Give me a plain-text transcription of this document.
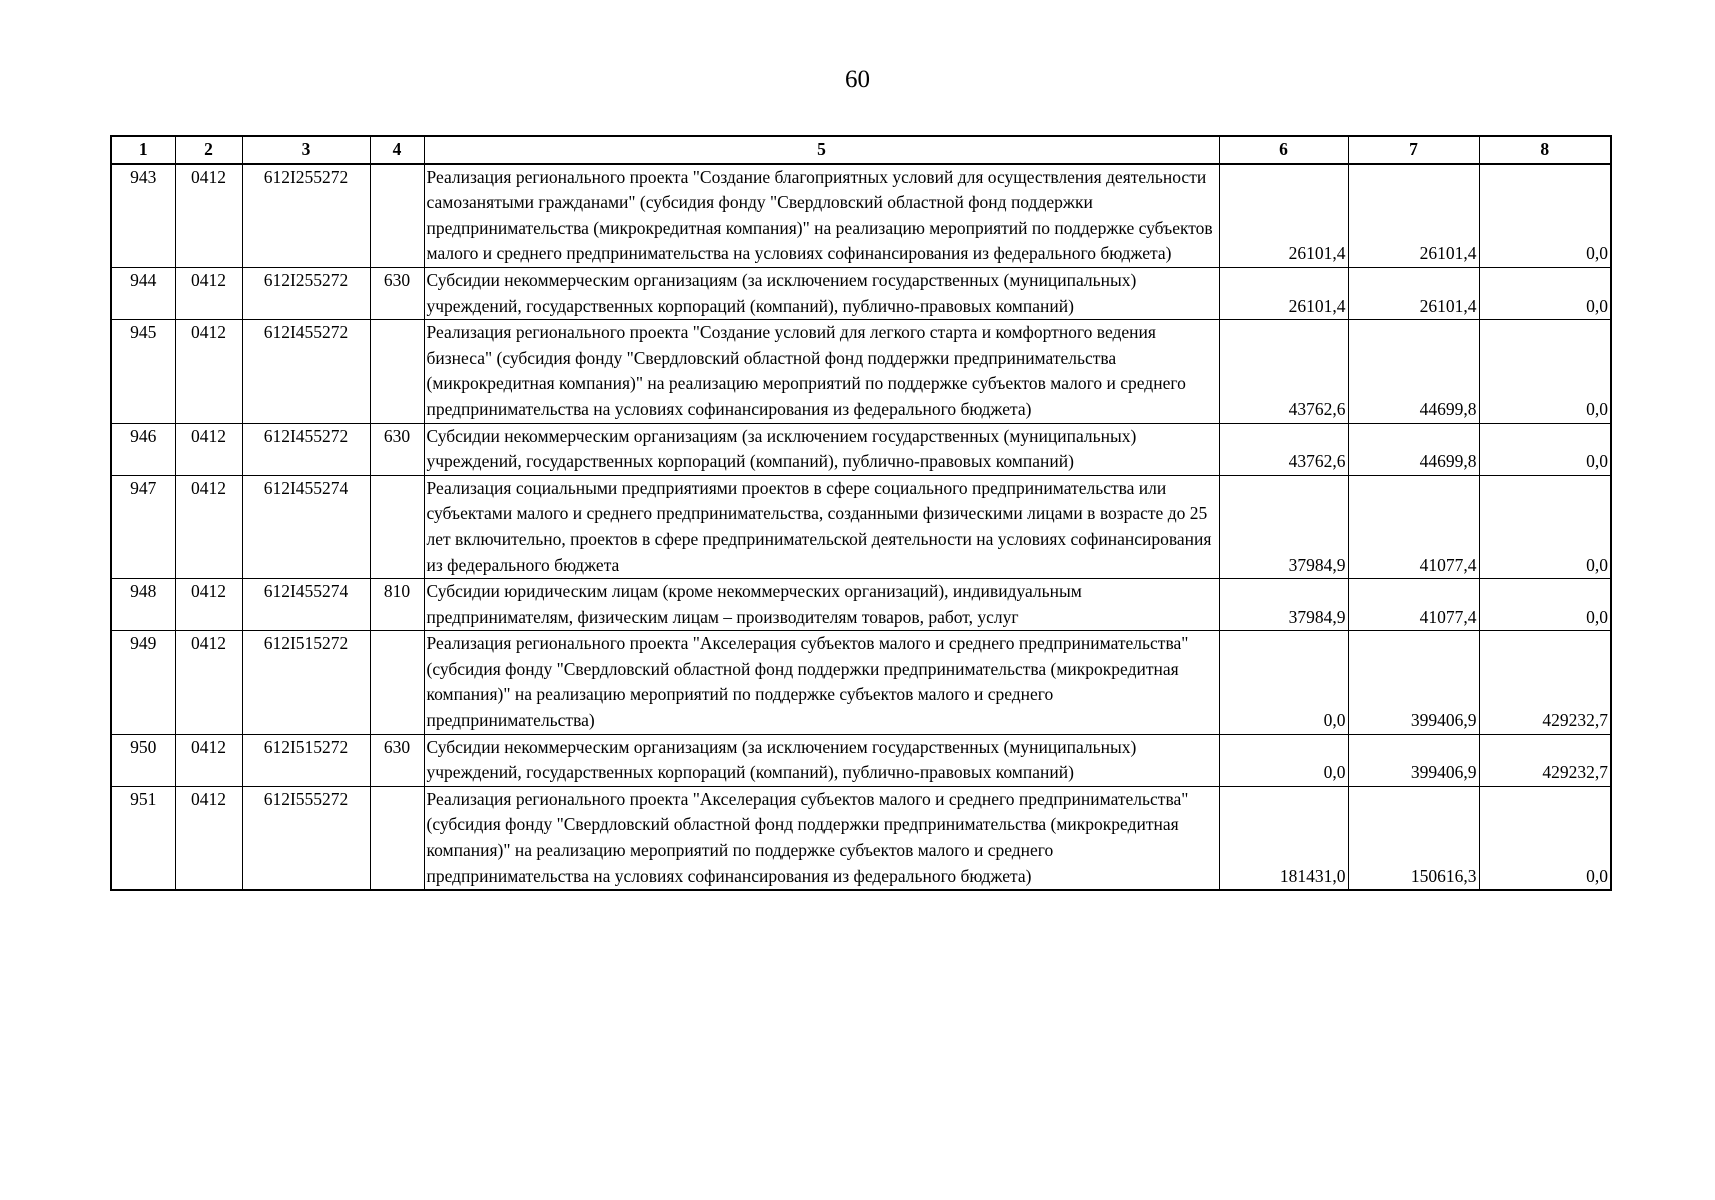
60
1	2	3	4	5	6	7	8
943	0412	612I255272		Реализация регионального проекта "Создание благоприятных условий для осуществления деятельности самозанятыми гражданами" (субсидия фонду "Свердловский областной фонд поддержки предпринимательства (микрокредитная компания)" на реализацию мероприятий по поддержке субъектов малого и среднего предпринимательства на условиях софинансирования из федерального бюджета)	26101,4	26101,4	0,0
944	0412	612I255272	630	Субсидии некоммерческим организациям (за исключением государственных (муниципальных) учреждений, государственных корпораций (компаний), публично-правовых компаний)	26101,4	26101,4	0,0
945	0412	612I455272		Реализация регионального проекта "Создание условий для легкого старта и комфортного ведения бизнеса" (субсидия фонду "Свердловский областной фонд поддержки предпринимательства (микрокредитная компания)" на реализацию мероприятий по поддержке субъектов малого и среднего предпринимательства на условиях софинансирования из федерального бюджета)	43762,6	44699,8	0,0
946	0412	612I455272	630	Субсидии некоммерческим организациям (за исключением государственных (муниципальных) учреждений, государственных корпораций (компаний), публично-правовых компаний)	43762,6	44699,8	0,0
947	0412	612I455274		Реализация социальными предприятиями проектов в сфере социального предпринимательства или субъектами малого и среднего предпринимательства, созданными физическими лицами в возрасте до 25 лет включительно, проектов в сфере предпринимательской деятельности на условиях софинансирования из федерального бюджета	37984,9	41077,4	0,0
948	0412	612I455274	810	Субсидии юридическим лицам (кроме некоммерческих организаций), индивидуальным предпринимателям, физическим лицам – производителям товаров, работ, услуг	37984,9	41077,4	0,0
949	0412	612I515272		Реализация регионального проекта "Акселерация субъектов малого и среднего предпринимательства" (субсидия фонду "Свердловский областной фонд поддержки предпринимательства (микрокредитная компания)" на реализацию мероприятий по поддержке субъектов малого и среднего предпринимательства)	0,0	399406,9	429232,7
950	0412	612I515272	630	Субсидии некоммерческим организациям (за исключением государственных (муниципальных) учреждений, государственных корпораций (компаний), публично-правовых компаний)	0,0	399406,9	429232,7
951	0412	612I555272		Реализация регионального проекта "Акселерация субъектов малого и среднего предпринимательства" (субсидия фонду "Свердловский областной фонд поддержки предпринимательства (микрокредитная компания)" на реализацию мероприятий по поддержке субъектов малого и среднего предпринимательства на условиях софинансирования из федерального бюджета)	181431,0	150616,3	0,0
